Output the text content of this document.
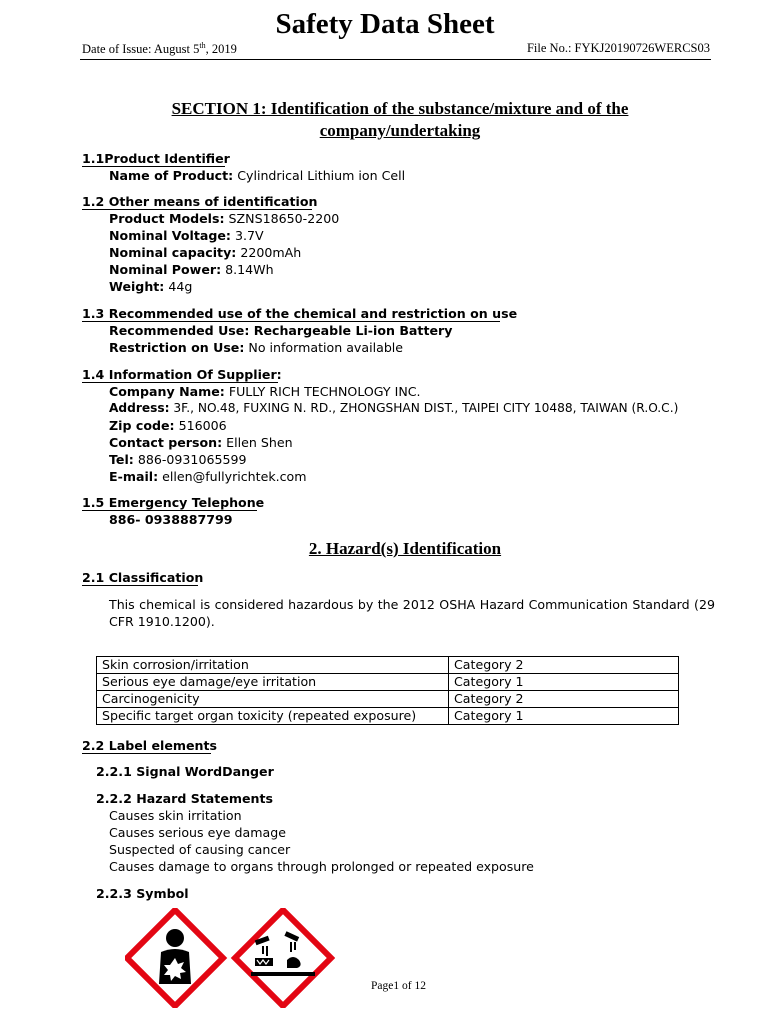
Safety Data Sheet
Date of Issue: August 5th, 2019	File No.: FYKJ20190726WERCS03
SECTION 1: Identification of the substance/mixture and of the
company/undertaking
1.1Product Identifier
Name of Product: Cylindrical Lithium ion Cell
1.2 Other means of identification
Product Models: SZNS18650-2200
Nominal Voltage: 3.7V
Nominal capacity: 2200mAh
Nominal Power: 8.14Wh
Weight: 44g
1.3 Recommended use of the chemical and restriction on use
Recommended Use: Rechargeable Li-ion Battery
Restriction on Use: No information available
1.4 Information Of Supplier:
Company Name: FULLY RICH TECHNOLOGY INC.
Address: 3F., NO.48, FUXING N. RD., ZHONGSHAN DIST., TAIPEI CITY 10488, TAIWAN (R.O.C.)
Zip code: 516006
Contact person: Ellen Shen
Tel: 886-0931065599
E-mail: ellen@fullyrichtek.com
1.5 Emergency Telephone
886- 0938887799
2. Hazard(s) Identification
2.1 Classification
This chemical is considered hazardous by the 2012 OSHA Hazard Communication Standard (29 CFR 1910.1200).
Skin corrosion/irritation	Category 2
Serious eye damage/eye irritation	Category 1
Carcinogenicity	Category 2
Specific target organ toxicity (repeated exposure)	Category 1
2.2 Label elements
2.2.1 Signal WordDanger
2.2.2 Hazard Statements
Causes skin irritation
Causes serious eye damage
Suspected of causing cancer
Causes damage to organs through prolonged or repeated exposure
2.2.3 Symbol
Page1 of 12
